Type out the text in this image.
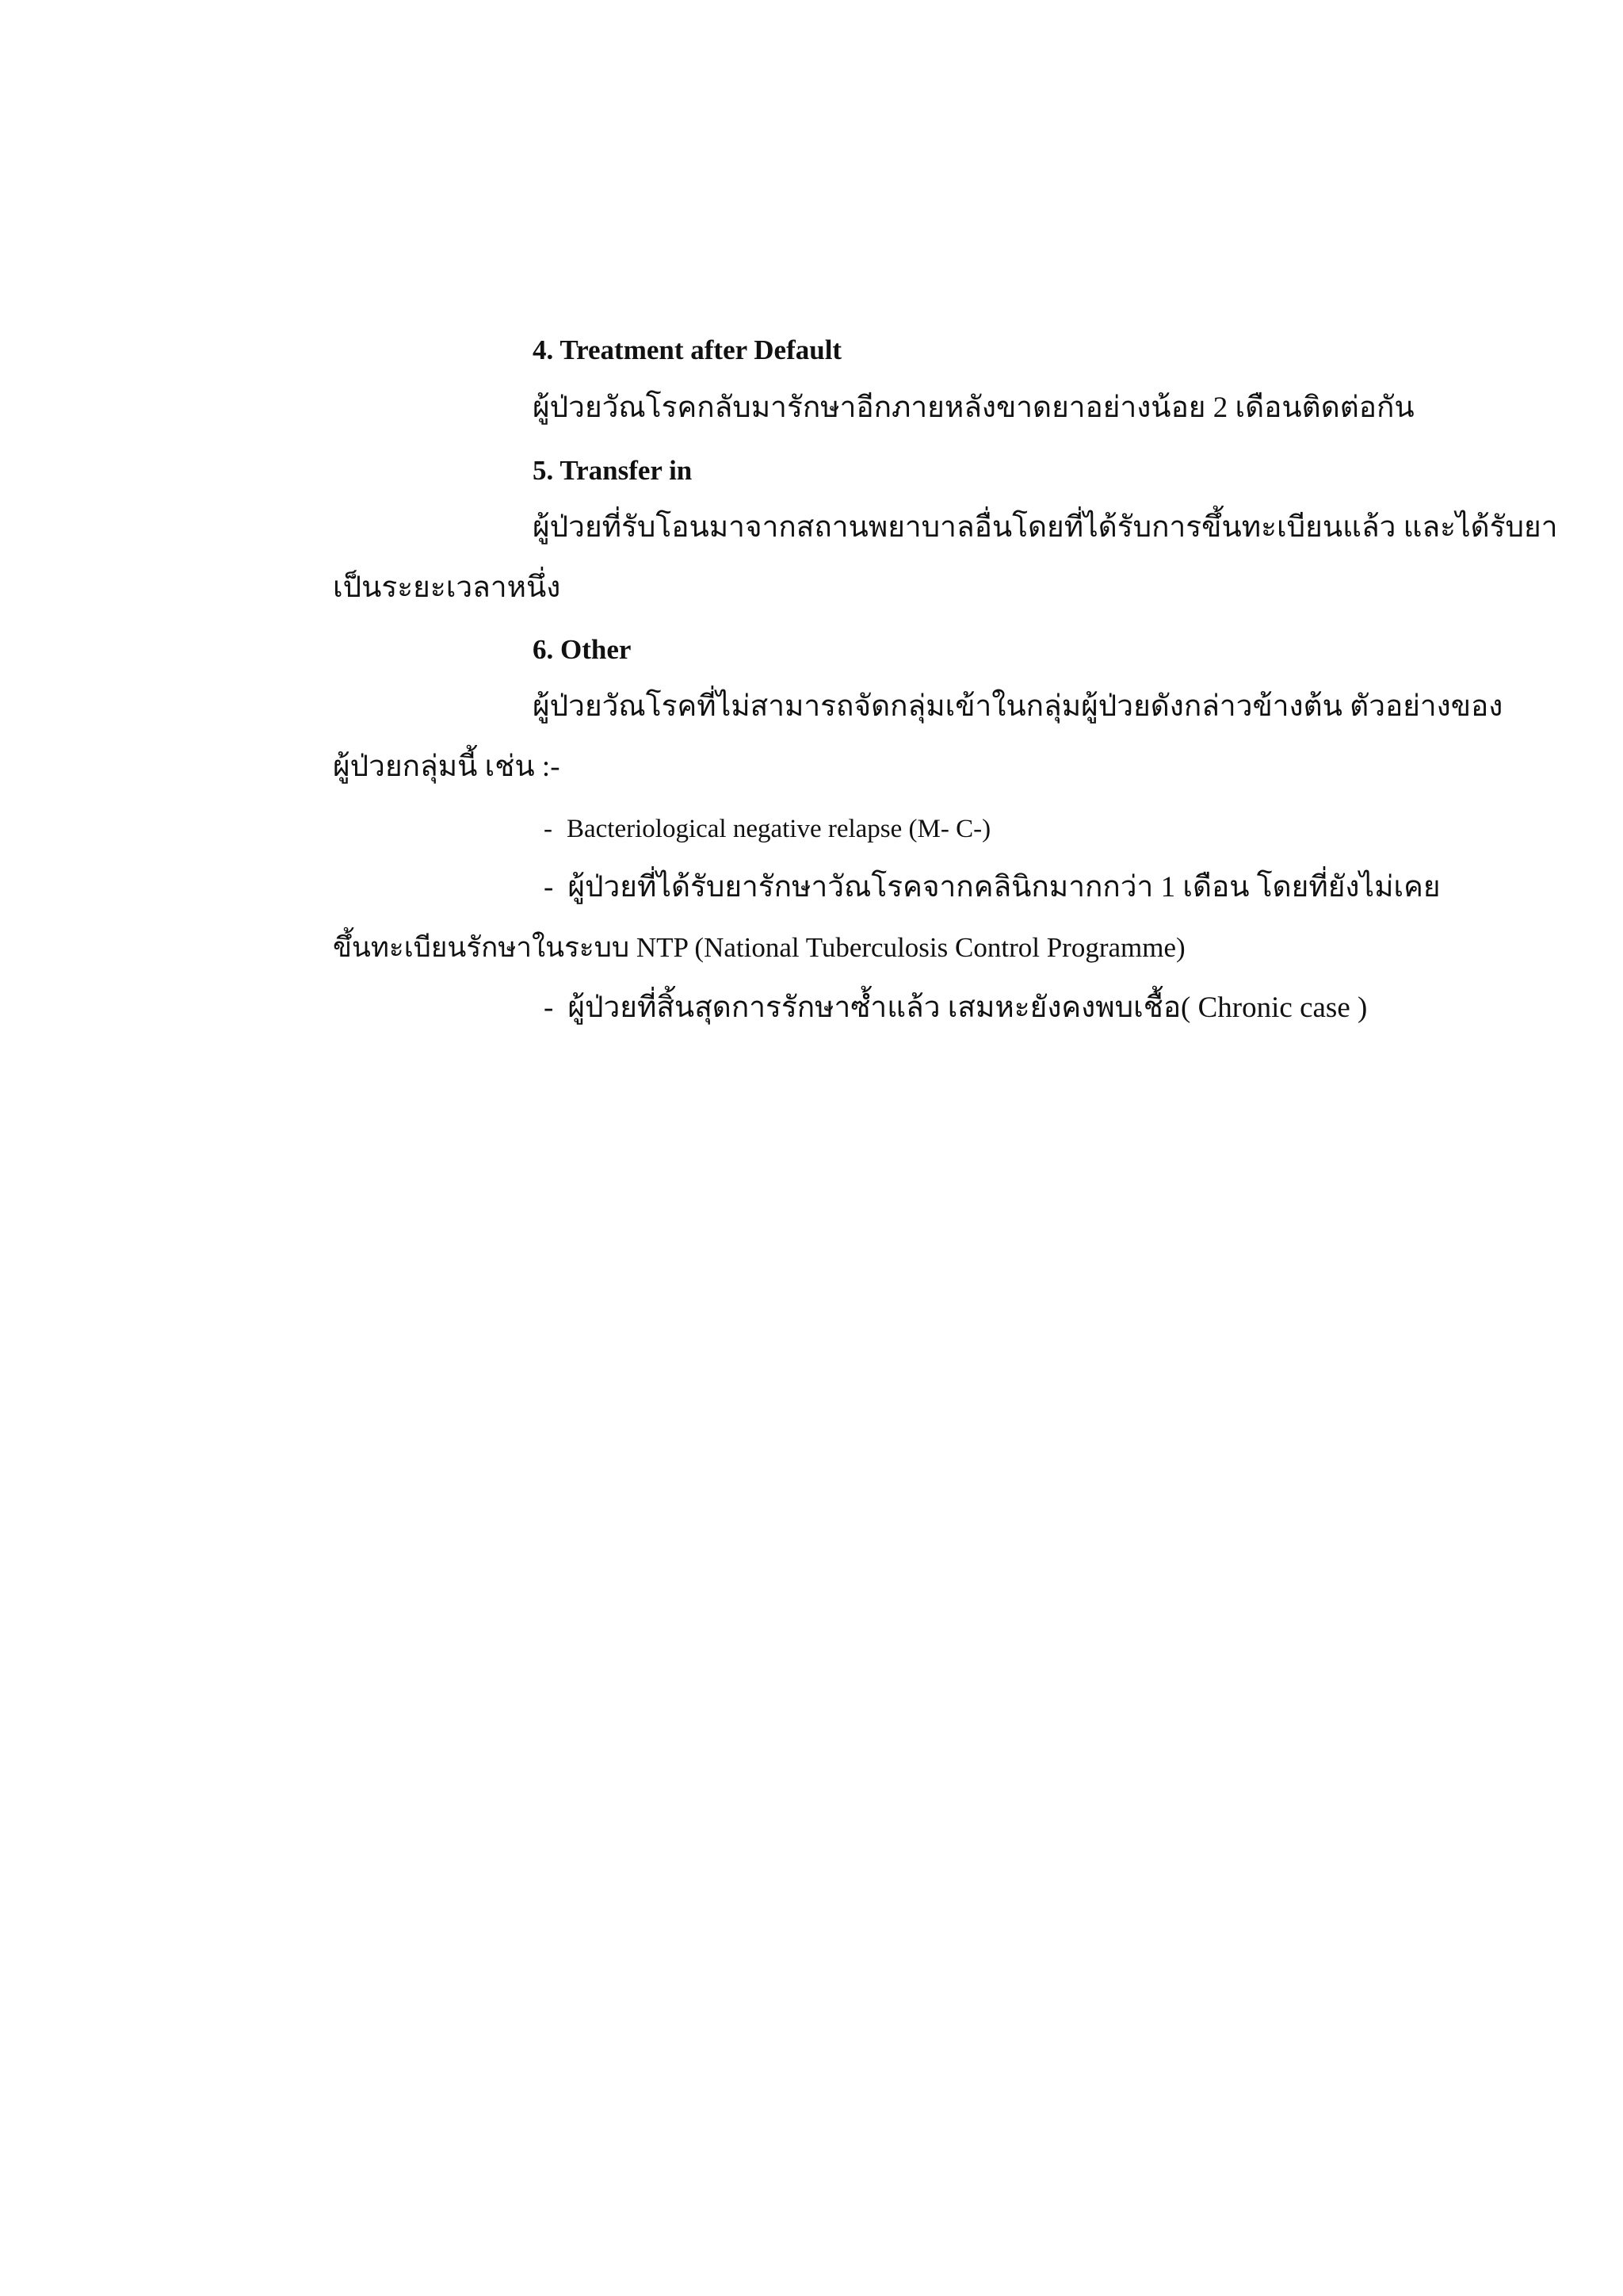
4. Treatment after Default
ผู้ป่วยวัณโรคกลับมารักษาอีกภายหลังขาดยาอย่างน้อย 2 เดือนติดต่อกัน
5. Transfer in
ผู้ป่วยที่รับโอนมาจากสถานพยาบาลอื่นโดยที่ได้รับการขึ้นทะเบียนแล้ว และได้รับยา
เป็นระยะเวลาหนึ่ง
6. Other
ผู้ป่วยวัณโรคที่ไม่สามารถจัดกลุ่มเข้าในกลุ่มผู้ป่วยดังกล่าวข้างต้น ตัวอย่างของ
ผู้ป่วยกลุ่มนี้ เช่น :-
- Bacteriological negative relapse (M- C-)
- ผู้ป่วยที่ได้รับยารักษาวัณโรคจากคลินิกมากกว่า 1 เดือน โดยที่ยังไม่เคย
ขึ้นทะเบียนรักษาในระบบ NTP (National Tuberculosis Control Programme)
- ผู้ป่วยที่สิ้นสุดการรักษาซ้ำแล้ว เสมหะยังคงพบเชื้อ( Chronic case )
